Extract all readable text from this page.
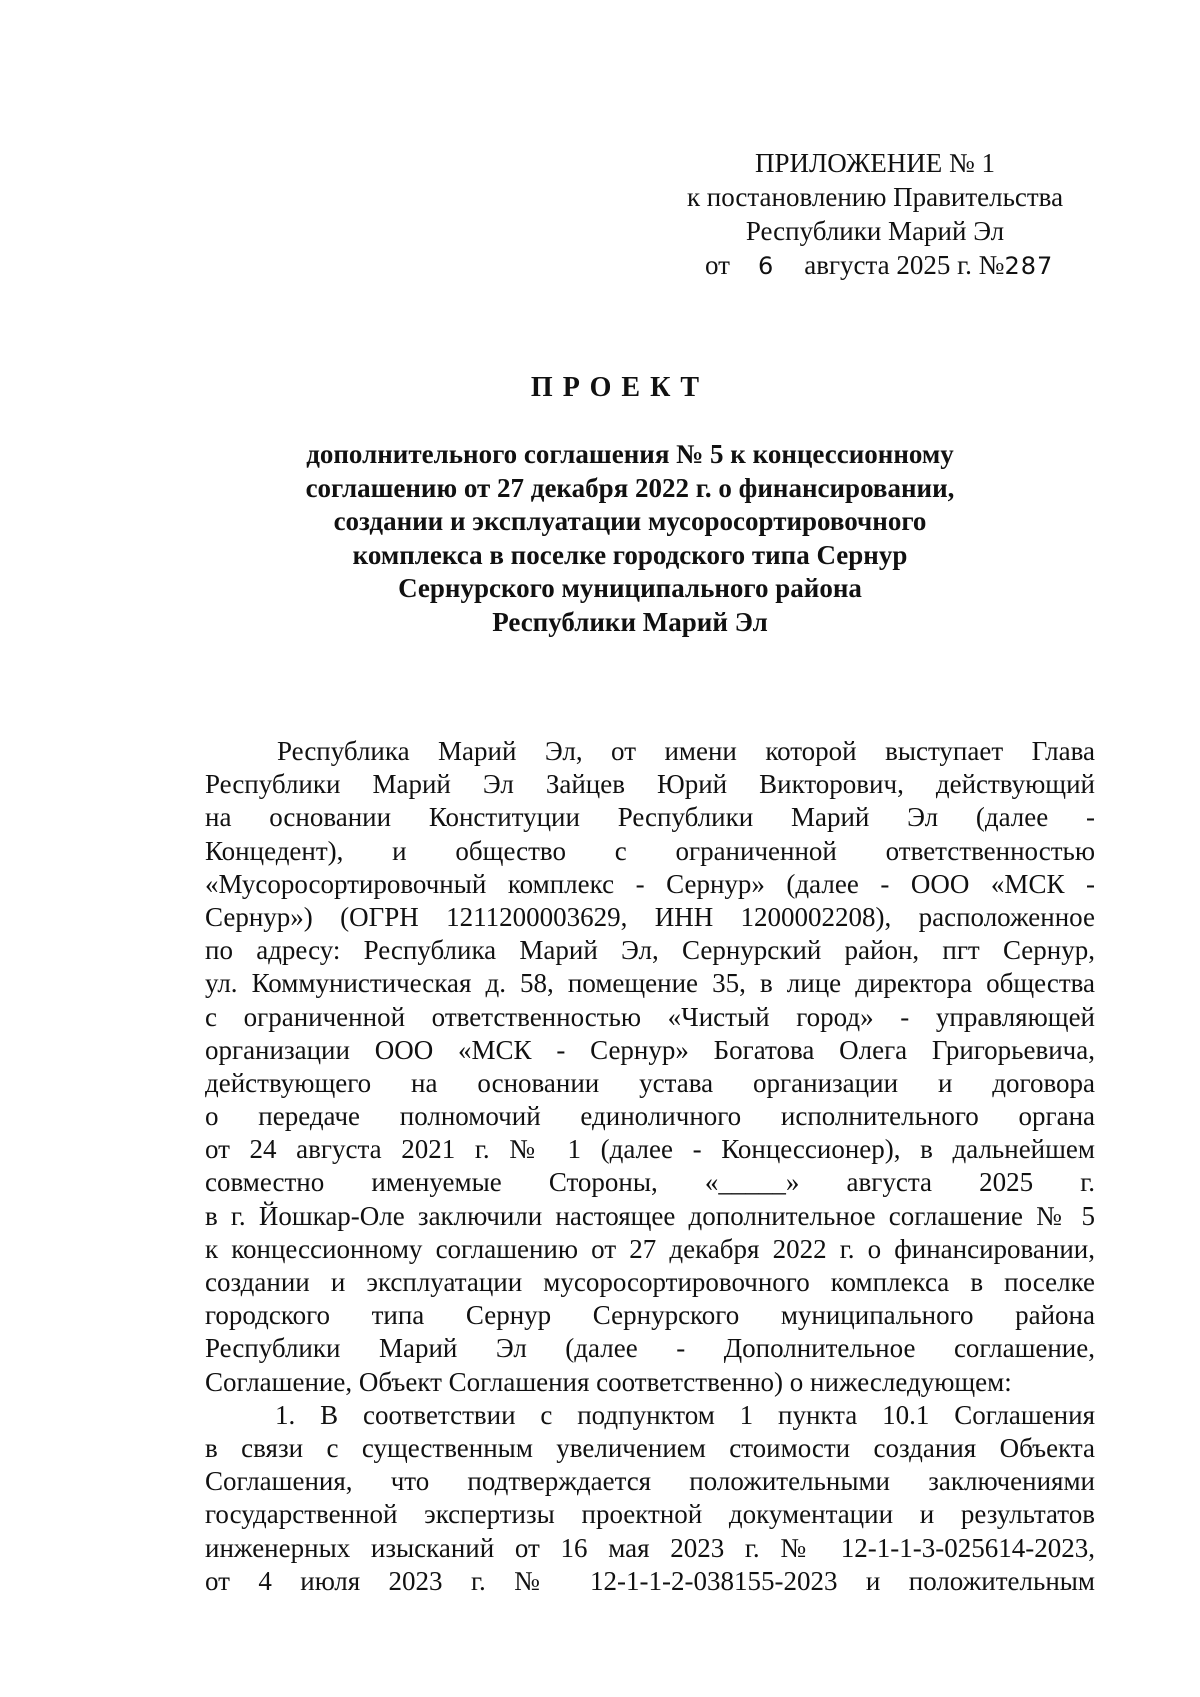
ПРИЛОЖЕНИЕ № 1
к постановлению Правительства
Республики Марий Эл
от 6 августа 2025 г. №287
ПРОЕКТ
дополнительного соглашения № 5 к концессионному
соглашению от 27 декабря 2022 г. о финансировании,
создании и эксплуатации мусоросортировочного
комплекса в поселке городского типа Сернур
Сернурского муниципального района
Республики Марий Эл
Республика Марий Эл, от имени которой выступает Глава
Республики Марий Эл Зайцев Юрий Викторович, действующий
на основании Конституции Республики Марий Эл (далее -
Концедент), и общество с ограниченной ответственностью
«Мусоросортировочный комплекс - Сернур» (далее - ООО «МСК -
Сернур») (ОГРН 1211200003629, ИНН 1200002208), расположенное
по адресу: Республика Марий Эл, Сернурский район, пгт Сернур,
ул. Коммунистическая д. 58, помещение 35, в лице директора общества
с ограниченной ответственностью «Чистый город» - управляющей
организации ООО «МСК - Сернур» Богатова Олега Григорьевича,
действующего на основании устава организации и договора
о передаче полномочий единоличного исполнительного органа
от 24 августа 2021 г. № 1 (далее - Концессионер), в дальнейшем
совместно именуемые Стороны, «_____» августа 2025 г.
в г. Йошкар-Оле заключили настоящее дополнительное соглашение № 5
к концессионному соглашению от 27 декабря 2022 г. о финансировании,
создании и эксплуатации мусоросортировочного комплекса в поселке
городского типа Сернур Сернурского муниципального района
Республики Марий Эл (далее - Дополнительное соглашение,
Соглашение, Объект Соглашения соответственно) о нижеследующем:
1. В соответствии с подпунктом 1 пункта 10.1 Соглашения
в связи с существенным увеличением стоимости создания Объекта
Соглашения, что подтверждается положительными заключениями
государственной экспертизы проектной документации и результатов
инженерных изысканий от 16 мая 2023 г. № 12-1-1-3-025614-2023,
от 4 июля 2023 г. № 12-1-1-2-038155-2023 и положительным
